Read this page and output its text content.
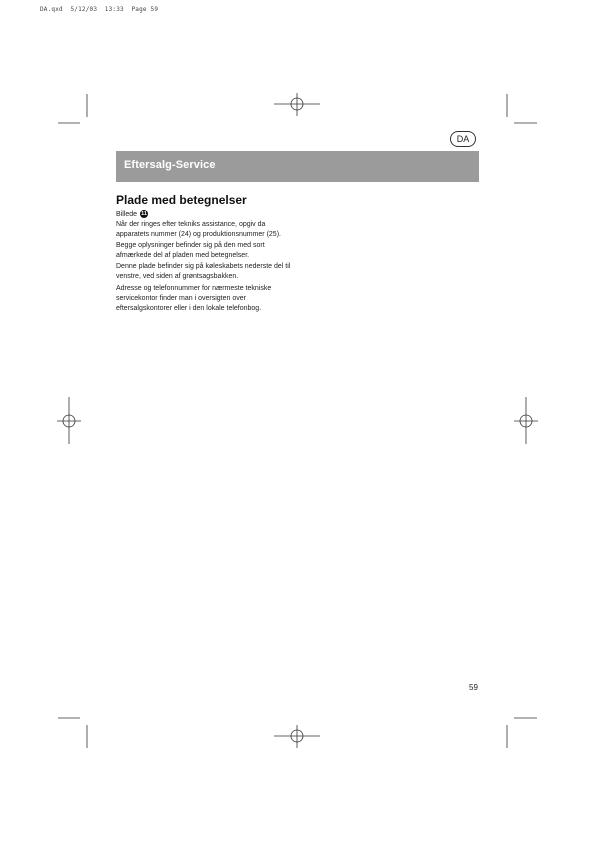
DA.qxd  5/12/03  13:33  Page 59
DA
Eftersalg-Service
Plade med betegnelser
Billede 11

Når der ringes efter tekniks assistance, opgiv da apparatets nummer (24) og produktionsnummer (25). Begge oplysninger befinder sig på den med sort afmærkede del af pladen med betegnelser.

Denne plade befinder sig på køleskabets nederste del til venstre, ved siden af grøntsagsbakken.

Adresse og telefonnummer for nærmeste tekniske servicekontor finder man i oversigten over eftersalgskontorer eller i den lokale telefonbog.

59
